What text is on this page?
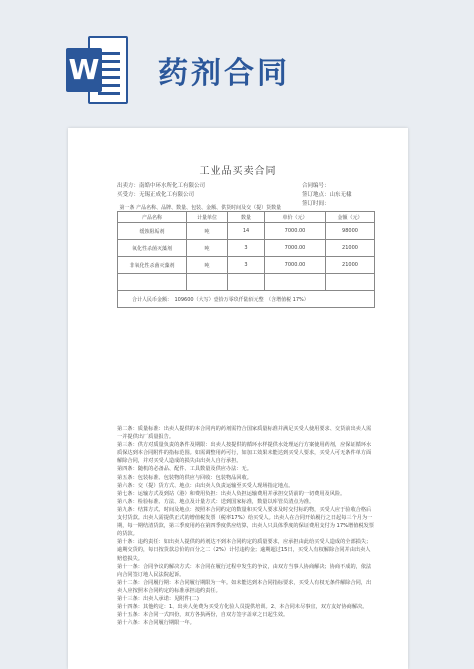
W 药剂合同
工业品买卖合同
出卖方：南皓中环水所化工有限公司
买受方：无锡正成化工有限公司
合同编号：
签订地点：山东无棣
签订时间：
第一条 产品名称、品牌、数量、包装、金额、供货时间及交（提）货数量				
产品名称	计量单位	数量	单价（元）	金额（元）
缓蚀阻垢剂	吨	14	7000.00	98000
氧化性杀菌灭藻剂	吨	3	7000.00	21000
非氧化性杀菌灭藻剂	吨	3	7000.00	21000

合计人民币金额：　109600（大写）壹拾万零玖仟陆佰元整　（含增值税 17%）				

第二条：质量标准：出卖人提供的本合同内的药剂需符合国家质量标准并满足买受人使用要求、交货前出卖人需一并提供出厂质量报告。

第三条：供方对质量负责的条件及期限：出卖人按提供的循环水样提供水处理运行方案使用药剂，应保证循环水质保达到本合同附件的指标范围。如需调整用药可行，如加工效果未能达到买受人要求，买受人可无条件单方面解除合同，并对买受人造成的损失由出卖人自行承担。

第四条：随机的必备品、配件、工具数量及供应办法：无。

第五条：包装标准、包装物的供应与回收：包装物品回收。

第六条：交（提）货方式、地点：由出卖人负责运输至买受人现场指定地点。

第七条：运输方式及到站（港）和费用负担：出卖人负担运输费用并承担交货前的一切费用及风险。

第八条：检验标准、方法、地点及计量方式：送到国家标准，数量以库管员清点为准。

第九条：结算方式、时间及地点：按照本合同约定的数量和买受人要求及时交付标的物，买受人应于验收合格后支付货款。出卖人需提供正式的增值税发票（税率17%）给买受人。出卖人在合同开始履行之日起每三个月为一期，每一期结清货款，第三季度用药在第四季度供应结算，出卖人只具体季度的保证费用支付为 17%增值税发票的货款。

第十条：违约责任：如出卖人提供的药剂达不到本合同约定的质量要求，应承担由此给买受人造成的全部损失；逾期交货的，每日按货款总价的百分之二（2%）计付违约金；逾期超过15日，买受人有权解除合同并由出卖人赔偿损失。

第十一条：合同争议的解决方式：本合同在履行过程中发生的争议，由双方当事人协商解决；协商不成的，依法向合同签订地人民法院起诉。

第十二条：合同履行期：本合同履行期限为一年。如未能达到本合同指标要求，买受人有权无条件解除合同，出卖人应按照本合同约定的标准承担违约责任。

第十三条：出卖人承诺：见附件(二)

第十四条：其他约定：1、出卖人免费为买受方化验人员提供培训。2、本合同未尽事宜，双方友好协商解决。

第十五条：本合同一式四份，双方各执两份，自双方签字盖章之日起生效。

第十六条：本合同履行期限一年。
